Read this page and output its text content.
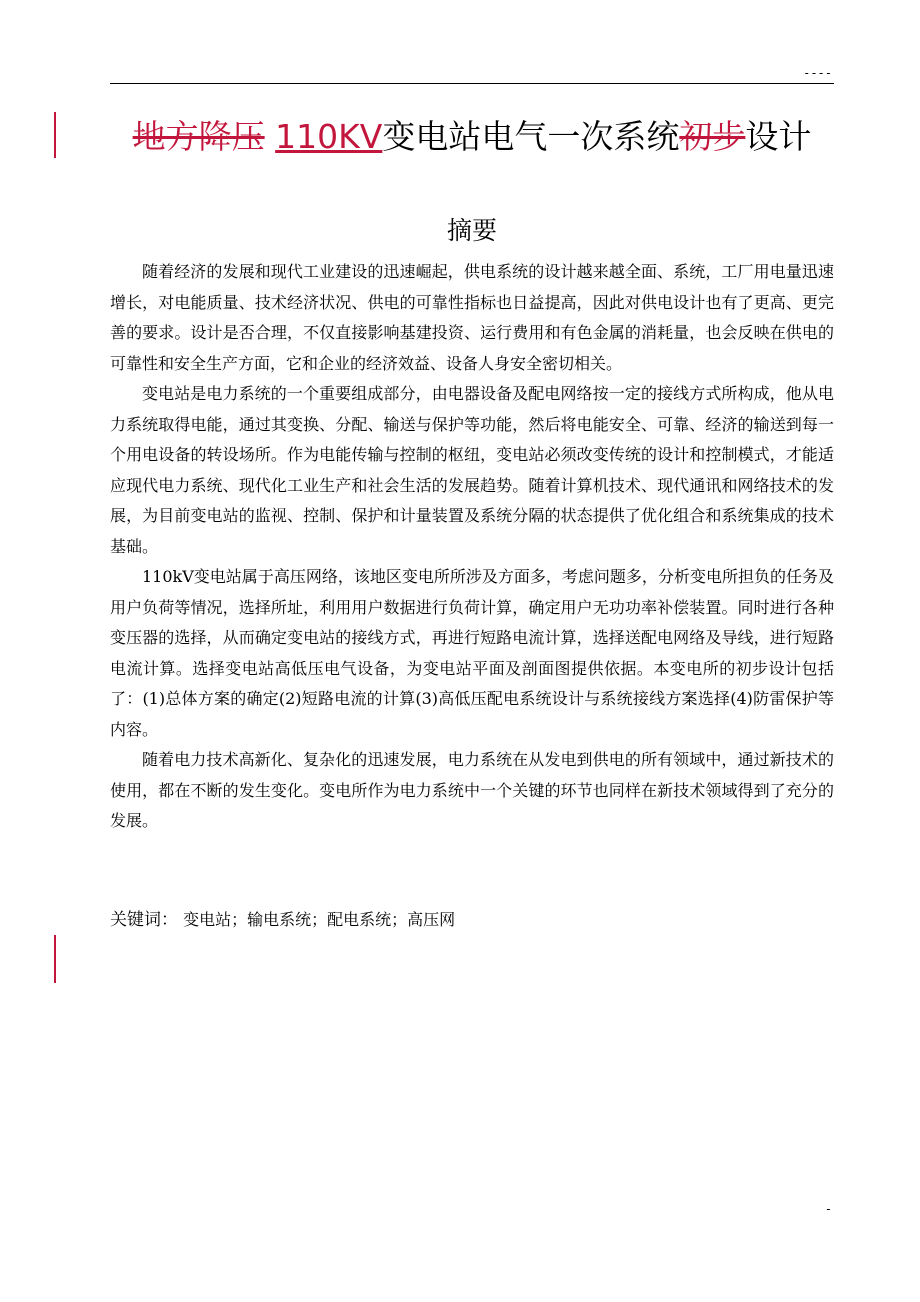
----
地方降压 110KV变电站电气一次系统初步设计
摘要

随着经济的发展和现代工业建设的迅速崛起，供电系统的设计越来越全面、系统，工厂用电量迅速增长，对电能质量、技术经济状况、供电的可靠性指标也日益提高，因此对供电设计也有了更高、更完善的要求。设计是否合理，不仅直接影响基建投资、运行费用和有色金属的消耗量，也会反映在供电的可靠性和安全生产方面，它和企业的经济效益、设备人身安全密切相关。

变电站是电力系统的一个重要组成部分，由电器设备及配电网络按一定的接线方式所构成，他从电力系统取得电能，通过其变换、分配、输送与保护等功能，然后将电能安全、可靠、经济的输送到每一个用电设备的转设场所。作为电能传输与控制的枢纽，变电站必须改变传统的设计和控制模式，才能适应现代电力系统、现代化工业生产和社会生活的发展趋势。随着计算机技术、现代通讯和网络技术的发展，为目前变电站的监视、控制、保护和计量装置及系统分隔的状态提供了优化组合和系统集成的技术基础。

110kV变电站属于高压网络，该地区变电所所涉及方面多，考虑问题多，分析变电所担负的任务及用户负荷等情况，选择所址，利用用户数据进行负荷计算，确定用户无功功率补偿装置。同时进行各种变压器的选择，从而确定变电站的接线方式，再进行短路电流计算，选择送配电网络及导线，进行短路电流计算。选择变电站高低压电气设备，为变电站平面及剖面图提供依据。本变电所的初步设计包括了：(1)总体方案的确定(2)短路电流的计算(3)高低压配电系统设计与系统接线方案选择(4)防雷保护等内容。

随着电力技术高新化、复杂化的迅速发展，电力系统在从发电到供电的所有领域中，通过新技术的使用，都在不断的发生变化。变电所作为电力系统中一个关键的环节也同样在新技术领域得到了充分的发展。

关键词： 变电站；输电系统；配电系统；高压网
-
